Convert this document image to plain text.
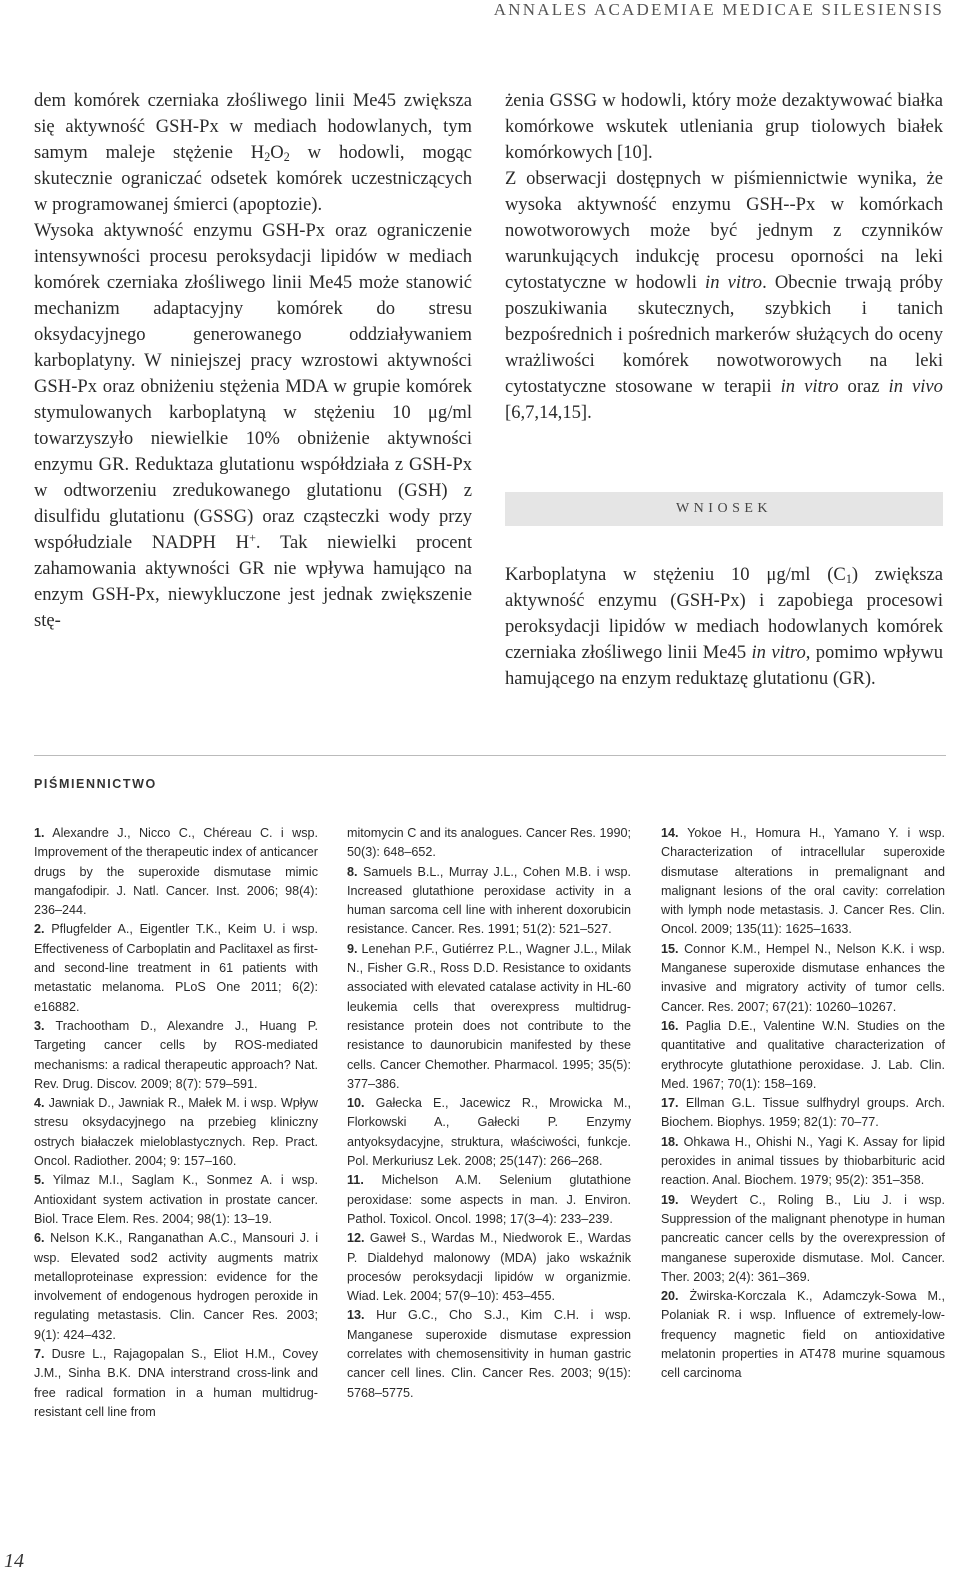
ANNALES ACADEMIAE MEDICAE SILESIENSIS

dem komórek czerniaka złośliwego linii Me45 zwiększa się aktywność GSH-Px w mediach hodowlanych, tym samym maleje stężenie $H_2O_2$ w hodowli, mogąc skutecznie ograniczać odsetek komórek uczestniczących w programowanej śmierci (apoptozie).

Wysoka aktywność enzymu GSH-Px oraz ograniczenie intensywności procesu peroksydacji lipidów w mediach komórek czerniaka złośliwego linii Me45 może stanowić mechanizm adaptacyjny komórek do stresu oksydacyjnego generowanego oddziaływaniem karboplatyny. W niniejszej pracy wzrostowi aktywności GSH-Px oraz obniżeniu stężenia MDA w grupie komórek stymulowanych karboplatyną w stężeniu 10 μg/ml towarzyszyło niewielkie 10% obniżenie aktywności enzymu GR. Reduktaza glutationu współdziała z GSH-Px w odtworzeniu zredukowanego glutationu (GSH) z disulfidu glutationu (GSSG) oraz cząsteczki wody przy współudziale NADPH H+. Tak niewielki procent zahamowania aktywności GR nie wpływa hamująco na enzym GSH-Px, niewykluczone jest jednak zwiększenie stę-

żenia GSSG w hodowli, który może dezaktywować białka komórkowe wskutek utleniania grup tiolowych białek komórkowych [10].

Z obserwacji dostępnych w piśmiennictwie wynika, że wysoka aktywność enzymu GSH--Px w komórkach nowotworowych może być jednym z czynników warunkujących indukcję procesu oporności na leki cytostatyczne w hodowli in vitro. Obecnie trwają próby poszukiwania skutecznych, szybkich i tanich bezpośrednich i pośrednich markerów służących do oceny wrażliwości komórek nowotworowych na leki cytostatyczne stosowane w terapii in vitro oraz in vivo [6,7,14,15].

WNIOSEK

Karboplatyna w stężeniu 10 μg/ml $(C_1)$ zwiększa aktywność enzymu (GSH-Px) i zapobiega procesowi peroksydacji lipidów w mediach hodowlanych komórek czerniaka złośliwego linii Me45 in vitro, pomimo wpływu hamującego na enzym reduktazę glutationu (GR).

PIŚMIENNICTWO

1. Alexandre J., Nicco C., Chéreau C. i wsp. Improvement of the therapeutic index of anticancer drugs by the superoxide dismutase mimic mangafodipir. J. Natl. Cancer. Inst. 2006; 98(4): 236–244.

2. Pflugfelder A., Eigentler T.K., Keim U. i wsp. Effectiveness of Carboplatin and Paclitaxel as first- and second-line treatment in 61 patients with metastatic melanoma. PLoS One 2011; 6(2): e16882.

3. Trachootham D., Alexandre J., Huang P. Targeting cancer cells by ROS-mediated mechanisms: a radical therapeutic approach? Nat. Rev. Drug. Discov. 2009; 8(7): 579–591.

4. Jawniak D., Jawniak R., Małek M. i wsp. Wpływ stresu oksydacyjnego na przebieg kliniczny ostrych białaczek mieloblastycznych. Rep. Pract. Oncol. Radiother. 2004; 9: 157–160.

5. Yilmaz M.I., Saglam K., Sonmez A. i wsp. Antioxidant system activation in prostate cancer. Biol. Trace Elem. Res. 2004; 98(1): 13–19.

6. Nelson K.K., Ranganathan A.C., Mansouri J. i wsp. Elevated sod2 activity augments matrix metalloproteinase expression: evidence for the involvement of endogenous hydrogen peroxide in regulating metastasis. Clin. Cancer Res. 2003; 9(1): 424–432.

7. Dusre L., Rajagopalan S., Eliot H.M., Covey J.M., Sinha B.K. DNA interstrand cross-link and free radical formation in a human multidrug-resistant cell line from

mitomycin C and its analogues. Cancer Res. 1990; 50(3): 648–652.

8. Samuels B.L., Murray J.L., Cohen M.B. i wsp. Increased glutathione peroxidase activity in a human sarcoma cell line with inherent doxorubicin resistance. Cancer. Res. 1991; 51(2): 521–527.

9. Lenehan P.F., Gutiérrez P.L., Wagner J.L., Milak N., Fisher G.R., Ross D.D. Resistance to oxidants associated with elevated catalase activity in HL-60 leukemia cells that overexpress multidrug-resistance protein does not contribute to the resistance to daunorubicin manifested by these cells. Cancer Chemother. Pharmacol. 1995; 35(5): 377–386.

10. Gałecka E., Jacewicz R., Mrowicka M., Florkowski A., Gałecki P. Enzymy antyoksydacyjne, struktura, właściwości, funkcje. Pol. Merkuriusz Lek. 2008; 25(147): 266–268.

11. Michelson A.M. Selenium glutathione peroxidase: some aspects in man. J. Environ. Pathol. Toxicol. Oncol. 1998; 17(3–4): 233–239.

12. Gaweł S., Wardas M., Niedworok E., Wardas P. Dialdehyd malonowy (MDA) jako wskaźnik procesów peroksydacji lipidów w organizmie. Wiad. Lek. 2004; 57(9–10): 453–455.

13. Hur G.C., Cho S.J., Kim C.H. i wsp. Manganese superoxide dismutase expression correlates with chemosensitivity in human gastric cancer cell lines. Clin. Cancer Res. 2003; 9(15): 5768–5775.

14. Yokoe H., Homura H., Yamano Y. i wsp. Characterization of intracellular superoxide dismutase alterations in premalignant and malignant lesions of the oral cavity: correlation with lymph node metastasis. J. Cancer Res. Clin. Oncol. 2009; 135(11): 1625–1633.

15. Connor K.M., Hempel N., Nelson K.K. i wsp. Manganese superoxide dismutase enhances the invasive and migratory activity of tumor cells. Cancer. Res. 2007; 67(21): 10260–10267.

16. Paglia D.E., Valentine W.N. Studies on the quantitative and qualitative characterization of erythrocyte glutathione peroxidase. J. Lab. Clin. Med. 1967; 70(1): 158–169.

17. Ellman G.L. Tissue sulfhydryl groups. Arch. Biochem. Biophys. 1959; 82(1): 70–77.

18. Ohkawa H., Ohishi N., Yagi K. Assay for lipid peroxides in animal tissues by thiobarbituric acid reaction. Anal. Biochem. 1979; 95(2): 351–358.

19. Weydert C., Roling B., Liu J. i wsp. Suppression of the malignant phenotype in human pancreatic cancer cells by the overexpression of manganese superoxide dismutase. Mol. Cancer. Ther. 2003; 2(4): 361–369.

20. Żwirska-Korczala K., Adamczyk-Sowa M., Polaniak R. i wsp. Influence of extremely-low-frequency magnetic field on antioxidative melatonin properties in AT478 murine squamous cell carcinoma

14
